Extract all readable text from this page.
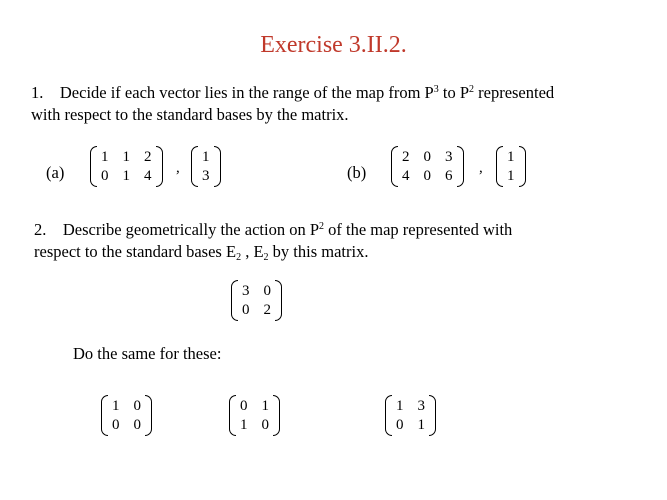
Exercise 3.II.2.
1. Decide if each vector lies in the range of the map from $P^3$ to $P^2$ represented
with respect to the standard bases by the matrix.
(a)
1 1 2
0 1 4 ,
1
3	(b)
2 0 3
4 0 6 ,
1
1
2. Describe geometrically the action on $P^2$ of the map represented with
respect to the standard bases $E_2$ , $E_2$ by this matrix.
3 0
0 2
Do the same for these:
1 0
0 0
0 1
1 0
1 3
0 1
